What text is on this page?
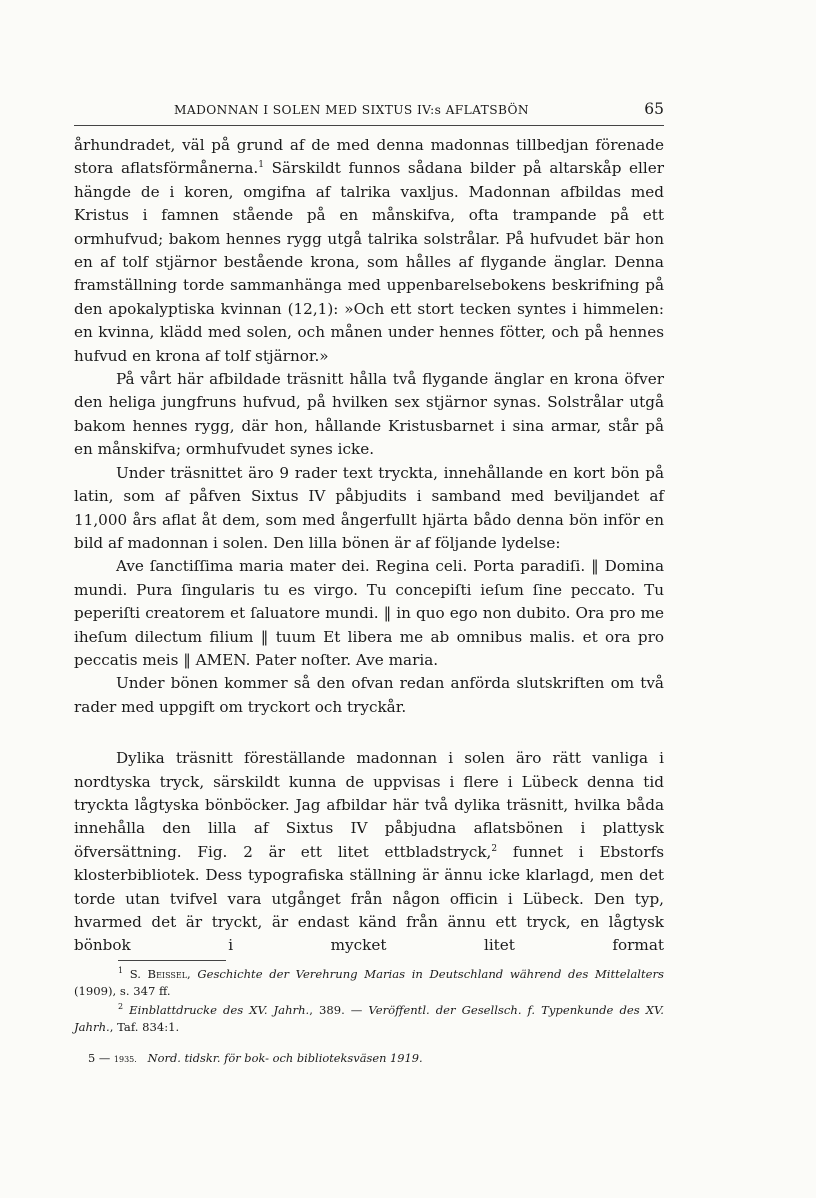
MADONNAN I SOLEN MED SIXTUS IV:s AFLATSBÖN	65

århundradet, väl på grund af de med denna madonnas tillbedjan förenade stora aflatsförmånerna.$^1$ Särskildt funnos sådana bilder på altarskåp eller hängde de i koren, omgifna af talrika vaxljus. Madonnan afbildas med Kristus i famnen stående på en månskifva, ofta trampande på ett ormhufvud; bakom hennes rygg utgå talrika solstrålar. På hufvudet bär hon en af tolf stjärnor bestående krona, som hålles af flygande änglar. Denna framställning torde sammanhänga med uppenbarelsebokens beskrifning på den apokalyptiska kvinnan (12,1): »Och ett stort tecken syntes i himmelen: en kvinna, klädd med solen, och månen under hennes fötter, och på hennes hufvud en krona af tolf stjärnor.»

På vårt här afbildade träsnitt hålla två flygande änglar en krona öfver den heliga jungfruns hufvud, på hvilken sex stjärnor synas. Solstrålar utgå bakom hennes rygg, där hon, hållande Kristusbarnet i sina armar, står på en månskifva; ormhufvudet synes icke.

Under träsnittet äro 9 rader text tryckta, innehållande en kort bön på latin, som af påfven Sixtus IV påbjudits i samband med beviljandet af 11,000 års aflat åt dem, som med ångerfullt hjärta bådo denna bön inför en bild af madonnan i solen. Den lilla bönen är af följande lydelse:

Ave ſanctiſſima maria mater dei. Regina celi. Porta paradiſi. ‖ Domina mundi. Pura ſingularis tu es virgo. Tu concepiſti ieſum ſine peccato. Tu peperiſti creatorem et ſaluatore mundi. ‖ in quo ego non dubito. Ora pro me iheſum dilectum filium ‖ tuum Et libera me ab omnibus malis. et ora pro peccatis meis ‖ AMEN. Pater noſter. Ave maria.

Under bönen kommer så den ofvan redan anförda slutskriften om två rader med uppgift om tryckort och tryckår.

Dylika träsnitt föreställande madonnan i solen äro rätt vanliga i nordtyska tryck, särskildt kunna de uppvisas i flere i Lübeck denna tid tryckta lågtyska bönböcker. Jag afbildar här två dylika träsnitt, hvilka båda innehålla den lilla af Sixtus IV påbjudna aflatsbönen i plattysk öfversättning. Fig. 2 är ett litet ettbladstryck,$^2$ funnet i Ebstorfs klosterbibliotek. Dess typografiska ställning är ännu icke klarlagd, men det torde utan tvifvel vara utgånget från någon officin i Lübeck. Den typ, hvarmed det är tryckt, är endast känd från ännu ett tryck, en lågtysk bönbok i mycket litet format

$^1$ S. Beissel, Geschichte der Verehrung Marias in Deutschland während des Mittelalters (1909), s. 347 ff.

$^2$ Einblattdrucke des XV. Jahrh., 389. — Veröffentl. der Gesellsch. f. Typenkunde des XV. Jahrh., Taf. 834:1.

5 — 1935. Nord. tidskr. för bok- och biblioteksväsen 1919.
